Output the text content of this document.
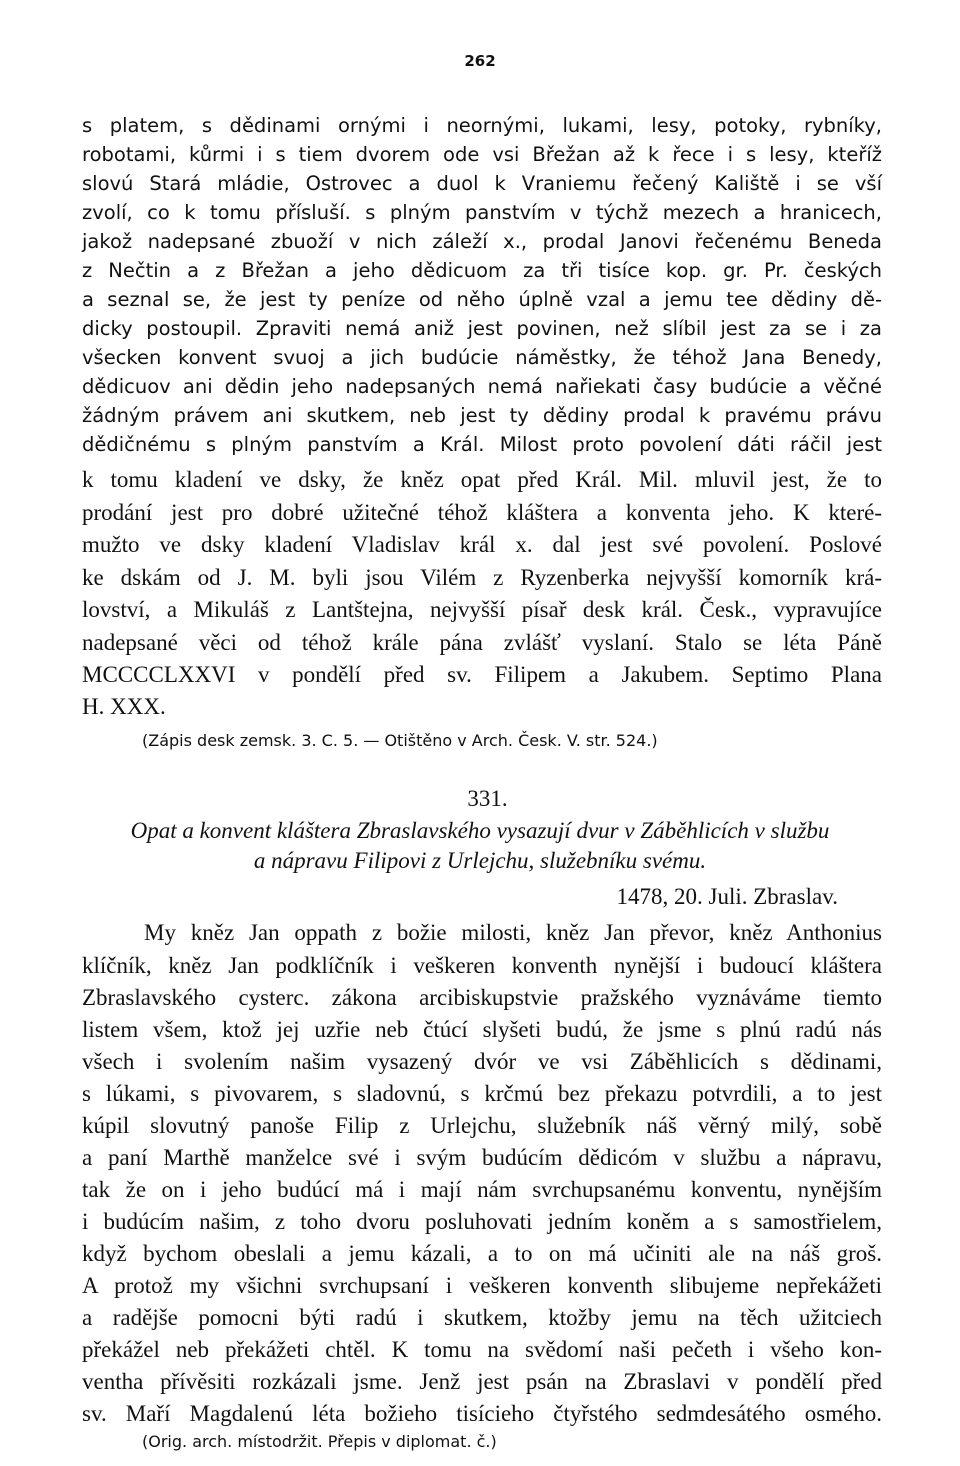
262
s platem, s dědinami ornými i neornými, lukami, lesy, potoky, rybníky,
robotami, kůrmi i s tiem dvorem ode vsi Břežan až k řece i s lesy, kteříž
slovú Stará mládie, Ostrovec a duol k Vraniemu řečený Kaliště i se vší
zvolí, co k tomu přísluší. s plným panstvím v týchž mezech a hranicech,
jakož nadepsané zbuoží v nich záleží x., prodal Janovi řečenému Beneda
z Nečtin a z Břežan a jeho dědicuom za tři tisíce kop. gr. Pr. českých
a seznal se, že jest ty peníze od něho úplně vzal a jemu tee dědiny dě-
dicky postoupil. Zpraviti nemá aniž jest povinen, než slíbil jest za se i za
všecken konvent svuoj a jich budúcie náměstky, že téhož Jana Benedy,
dědicuov ani dědin jeho nadepsaných nemá nařiekati časy budúcie a věčné
žádným právem ani skutkem, neb jest ty dědiny prodal k pravému právu
dědičnému s plným panstvím a Král. Milost proto povolení dáti ráčil jest
k tomu kladení ve dsky, že kněz opat před Král. Mil. mluvil jest, že to
prodání jest pro dobré užitečné téhož kláštera a konventa jeho. K které-
mužto ve dsky kladení Vladislav král x. dal jest své povolení. Poslové
ke dskám od J. M. byli jsou Vilém z Ryzenberka nejvyšší komorník krá-
lovství, a Mikuláš z Lantštejna, nejvyšší písař desk král. Česk., vypravujíce
nadepsané věci od téhož krále pána zvlášť vyslaní. Stalo se léta Páně
MCCCCLXXVI v pondělí před sv. Filipem a Jakubem. Septimo Plana
H. XXX.
(Zápis desk zemsk. 3. C. 5. — Otištěno v Arch. Česk. V. str. 524.)
331.
Opat a konvent kláštera Zbraslavského vysazují dvur v Záběhlicích v službu
a nápravu Filipovi z Urlejchu, služebníku svému.
1478, 20. Juli. Zbraslav.
My kněz Jan oppath z božie milosti, kněz Jan převor, kněz Anthonius
klíčník, kněz Jan podklíčník i veškeren konventh nynější i budoucí kláštera
Zbraslavského cysterc. zákona arcibiskupstvie pražského vyznáváme tiemto
listem všem, ktož jej uzřie neb čtúcí slyšeti budú, že jsme s plnú radú nás
všech i svolením našim vysazený dvór ve vsi Záběhlicích s dědinami,
s lúkami, s pivovarem, s sladovnú, s krčmú bez překazu potvrdili, a to jest
kúpil slovutný panoše Filip z Urlejchu, služebník náš věrný milý, sobě
a paní Marthě manželce své i svým budúcím dědicóm v službu a nápravu,
tak že on i jeho budúcí má i mají nám svrchupsanému konventu, nynějším
i budúcím našim, z toho dvoru posluhovati jedním koněm a s samostřielem,
když bychom obeslali a jemu kázali, a to on má učiniti ale na náš groš.
A protož my všichni svrchupsaní i veškeren konventh slibujeme nepřekážeti
a radějše pomocni býti radú i skutkem, ktožby jemu na těch užitciech
překážel neb překážeti chtěl. K tomu na svědomí naši pečeth i všeho kon-
ventha přívěsiti rozkázali jsme. Jenž jest psán na Zbraslavi v pondělí před
sv. Maří Magdalenú léta božieho tisícieho čtyřstého sedmdesátého osmého.
(Orig. arch. místodržit. Přepis v diplomat. č.)
